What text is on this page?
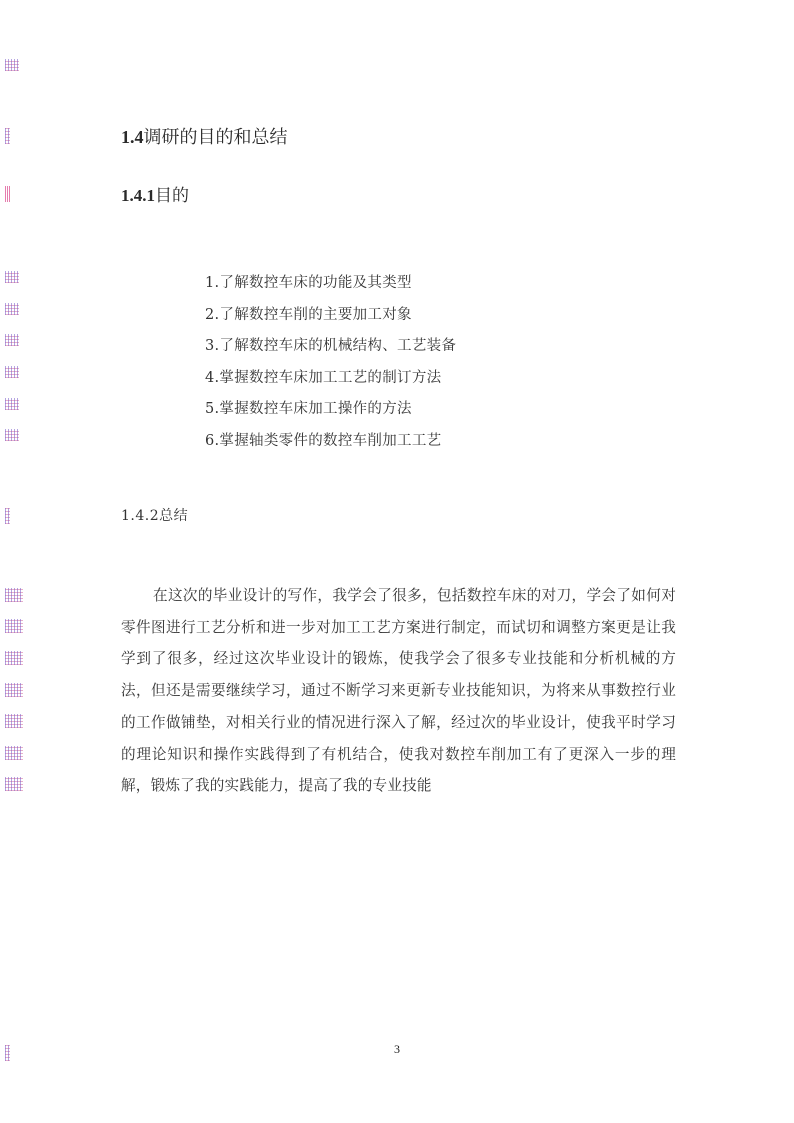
1.4调研的目的和总结
1.4.1目的
1.了解数控车床的功能及其类型
2.了解数控车削的主要加工对象
3.了解数控车床的机械结构、工艺装备
4.掌握数控车床加工工艺的制订方法
5.掌握数控车床加工操作的方法
6.掌握轴类零件的数控车削加工工艺
1.4.2总结

在这次的毕业设计的写作，我学会了很多，包括数控车床的对刀，学会了如何对零件图进行工艺分析和进一步对加工工艺方案进行制定，而试切和调整方案更是让我学到了很多，经过这次毕业设计的锻炼，使我学会了很多专业技能和分析机械的方法，但还是需要继续学习，通过不断学习来更新专业技能知识，为将来从事数控行业的工作做铺垫，对相关行业的情况进行深入了解，经过次的毕业设计，使我平时学习的理论知识和操作实践得到了有机结合，使我对数控车削加工有了更深入一步的理解，锻炼了我的实践能力，提高了我的专业技能

3
